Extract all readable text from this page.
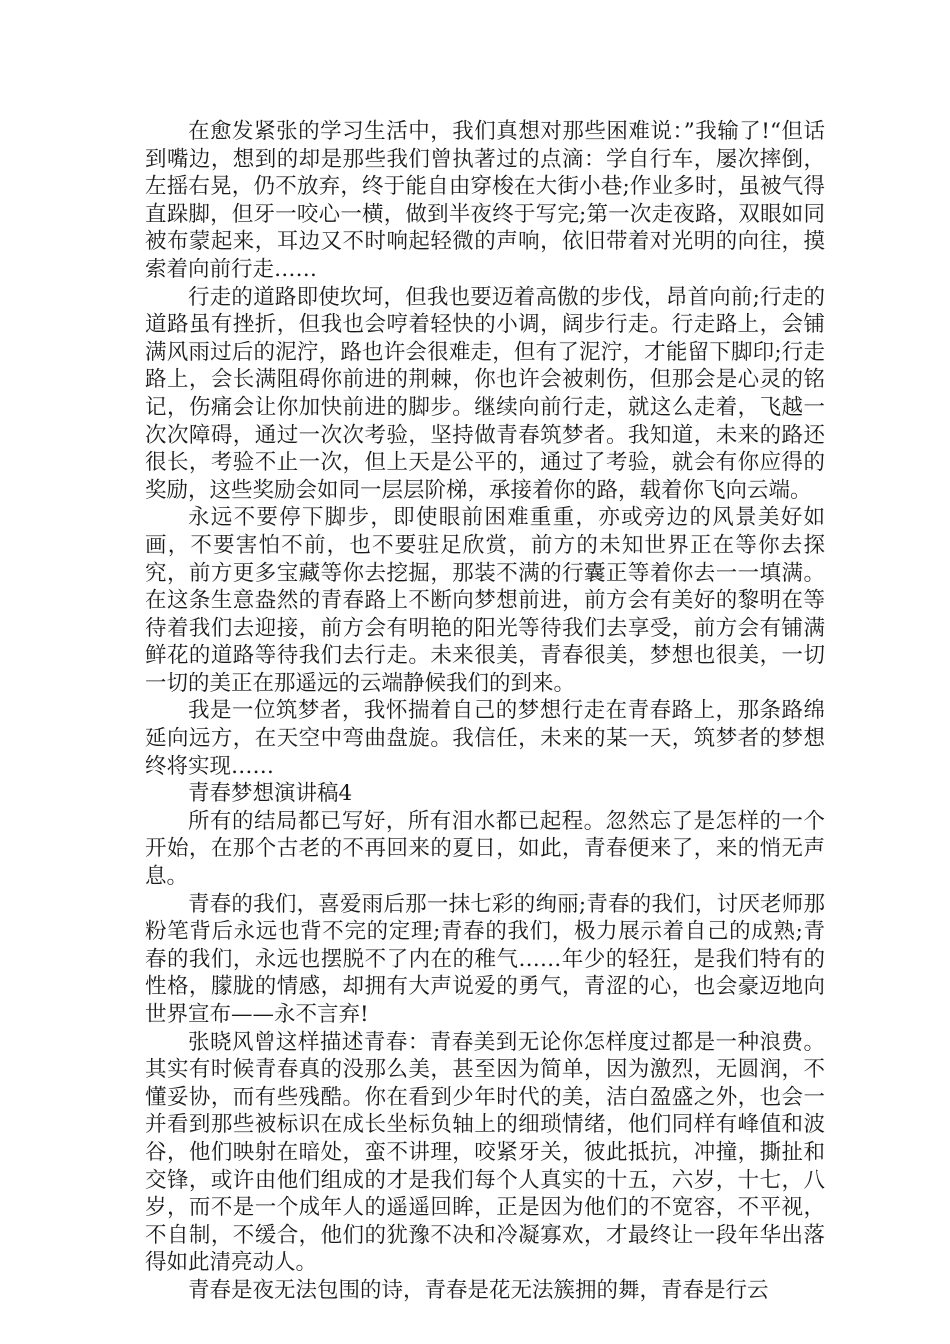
在愈发紧张的学习生活中，我们真想对那些困难说：”我输了!“但话到嘴边，想到的却是那些我们曾执著过的点滴：学自行车，屡次摔倒，左摇右晃，仍不放弃，终于能自由穿梭在大街小巷;作业多时，虽被气得直跺脚，但牙一咬心一横，做到半夜终于写完;第一次走夜路，双眼如同被布蒙起来，耳边又不时响起轻微的声响，依旧带着对光明的向往，摸索着向前行走……

行走的道路即使坎坷，但我也要迈着高傲的步伐，昂首向前;行走的道路虽有挫折，但我也会哼着轻快的小调，阔步行走。行走路上，会铺满风雨过后的泥泞，路也许会很难走，但有了泥泞，才能留下脚印;行走路上，会长满阻碍你前进的荆棘，你也许会被刺伤，但那会是心灵的铭记，伤痛会让你加快前进的脚步。继续向前行走，就这么走着，飞越一次次障碍，通过一次次考验，坚持做青春筑梦者。我知道，未来的路还很长，考验不止一次，但上天是公平的，通过了考验，就会有你应得的奖励，这些奖励会如同一层层阶梯，承接着你的路，载着你飞向云端。

永远不要停下脚步，即使眼前困难重重，亦或旁边的风景美好如画，不要害怕不前，也不要驻足欣赏，前方的未知世界正在等你去探究，前方更多宝藏等你去挖掘，那装不满的行囊正等着你去一一填满。在这条生意盎然的青春路上不断向梦想前进，前方会有美好的黎明在等待着我们去迎接，前方会有明艳的阳光等待我们去享受，前方会有铺满鲜花的道路等待我们去行走。未来很美，青春很美，梦想也很美，一切一切的美正在那遥远的云端静候我们的到来。

我是一位筑梦者，我怀揣着自己的梦想行走在青春路上，那条路绵延向远方，在天空中弯曲盘旋。我信任，未来的某一天，筑梦者的梦想终将实现……

青春梦想演讲稿4

所有的结局都已写好，所有泪水都已起程。忽然忘了是怎样的一个开始，在那个古老的不再回来的夏日，如此，青春便来了，来的悄无声息。

青春的我们，喜爱雨后那一抹七彩的绚丽;青春的我们，讨厌老师那粉笔背后永远也背不完的定理;青春的我们，极力展示着自己的成熟;青春的我们，永远也摆脱不了内在的稚气……年少的轻狂，是我们特有的性格，朦胧的情感，却拥有大声说爱的勇气，青涩的心，也会豪迈地向世界宣布——永不言弃!

张晓风曾这样描述青春：青春美到无论你怎样度过都是一种浪费。其实有时候青春真的没那么美，甚至因为简单，因为激烈，无圆润，不懂妥协，而有些残酷。你在看到少年时代的美，洁白盈盛之外，也会一并看到那些被标识在成长坐标负轴上的细琐情绪，他们同样有峰值和波谷，他们映射在暗处，蛮不讲理，咬紧牙关，彼此抵抗，冲撞，撕扯和交锋，或许由他们组成的才是我们每个人真实的十五，六岁，十七，八岁，而不是一个成年人的遥遥回眸，正是因为他们的不宽容，不平视，不自制，不缓合，他们的犹豫不决和冷凝寡欢，才最终让一段年华出落得如此清亮动人。

青春是夜无法包围的诗，青春是花无法簇拥的舞，青春是行云
